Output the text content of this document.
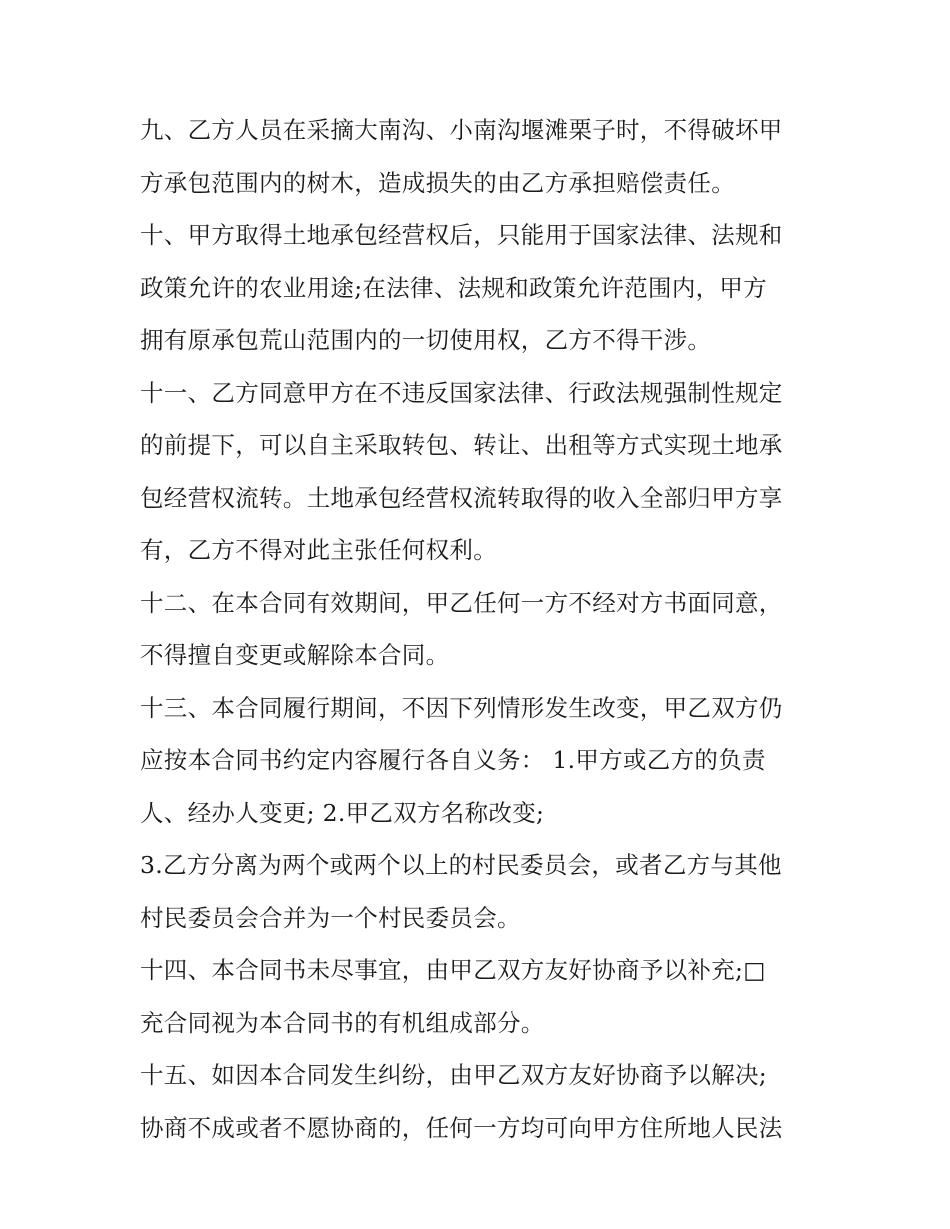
九、乙方人员在采摘大南沟、小南沟堰滩栗子时，不得破坏甲
方承包范围内的树木，造成损失的由乙方承担赔偿责任。
十、甲方取得土地承包经营权后，只能用于国家法律、法规和
政策允许的农业用途;在法律、法规和政策允许范围内，甲方
拥有原承包荒山范围内的一切使用权，乙方不得干涉。
十一、乙方同意甲方在不违反国家法律、行政法规强制性规定
的前提下，可以自主采取转包、转让、出租等方式实现土地承
包经营权流转。土地承包经营权流转取得的收入全部归甲方享
有，乙方不得对此主张任何权利。
十二、在本合同有效期间，甲乙任何一方不经对方书面同意，
不得擅自变更或解除本合同。
十三、本合同履行期间，不因下列情形发生改变，甲乙双方仍
应按本合同书约定内容履行各自义务： 1.甲方或乙方的负责
人、经办人变更; 2.甲乙双方名称改变;
3.乙方分离为两个或两个以上的村民委员会，或者乙方与其他
村民委员会合并为一个村民委员会。
十四、本合同书未尽事宜，由甲乙双方友好协商予以补充;□
充合同视为本合同书的有机组成部分。
十五、如因本合同发生纠纷，由甲乙双方友好协商予以解决;
协商不成或者不愿协商的，任何一方均可向甲方住所地人民法
